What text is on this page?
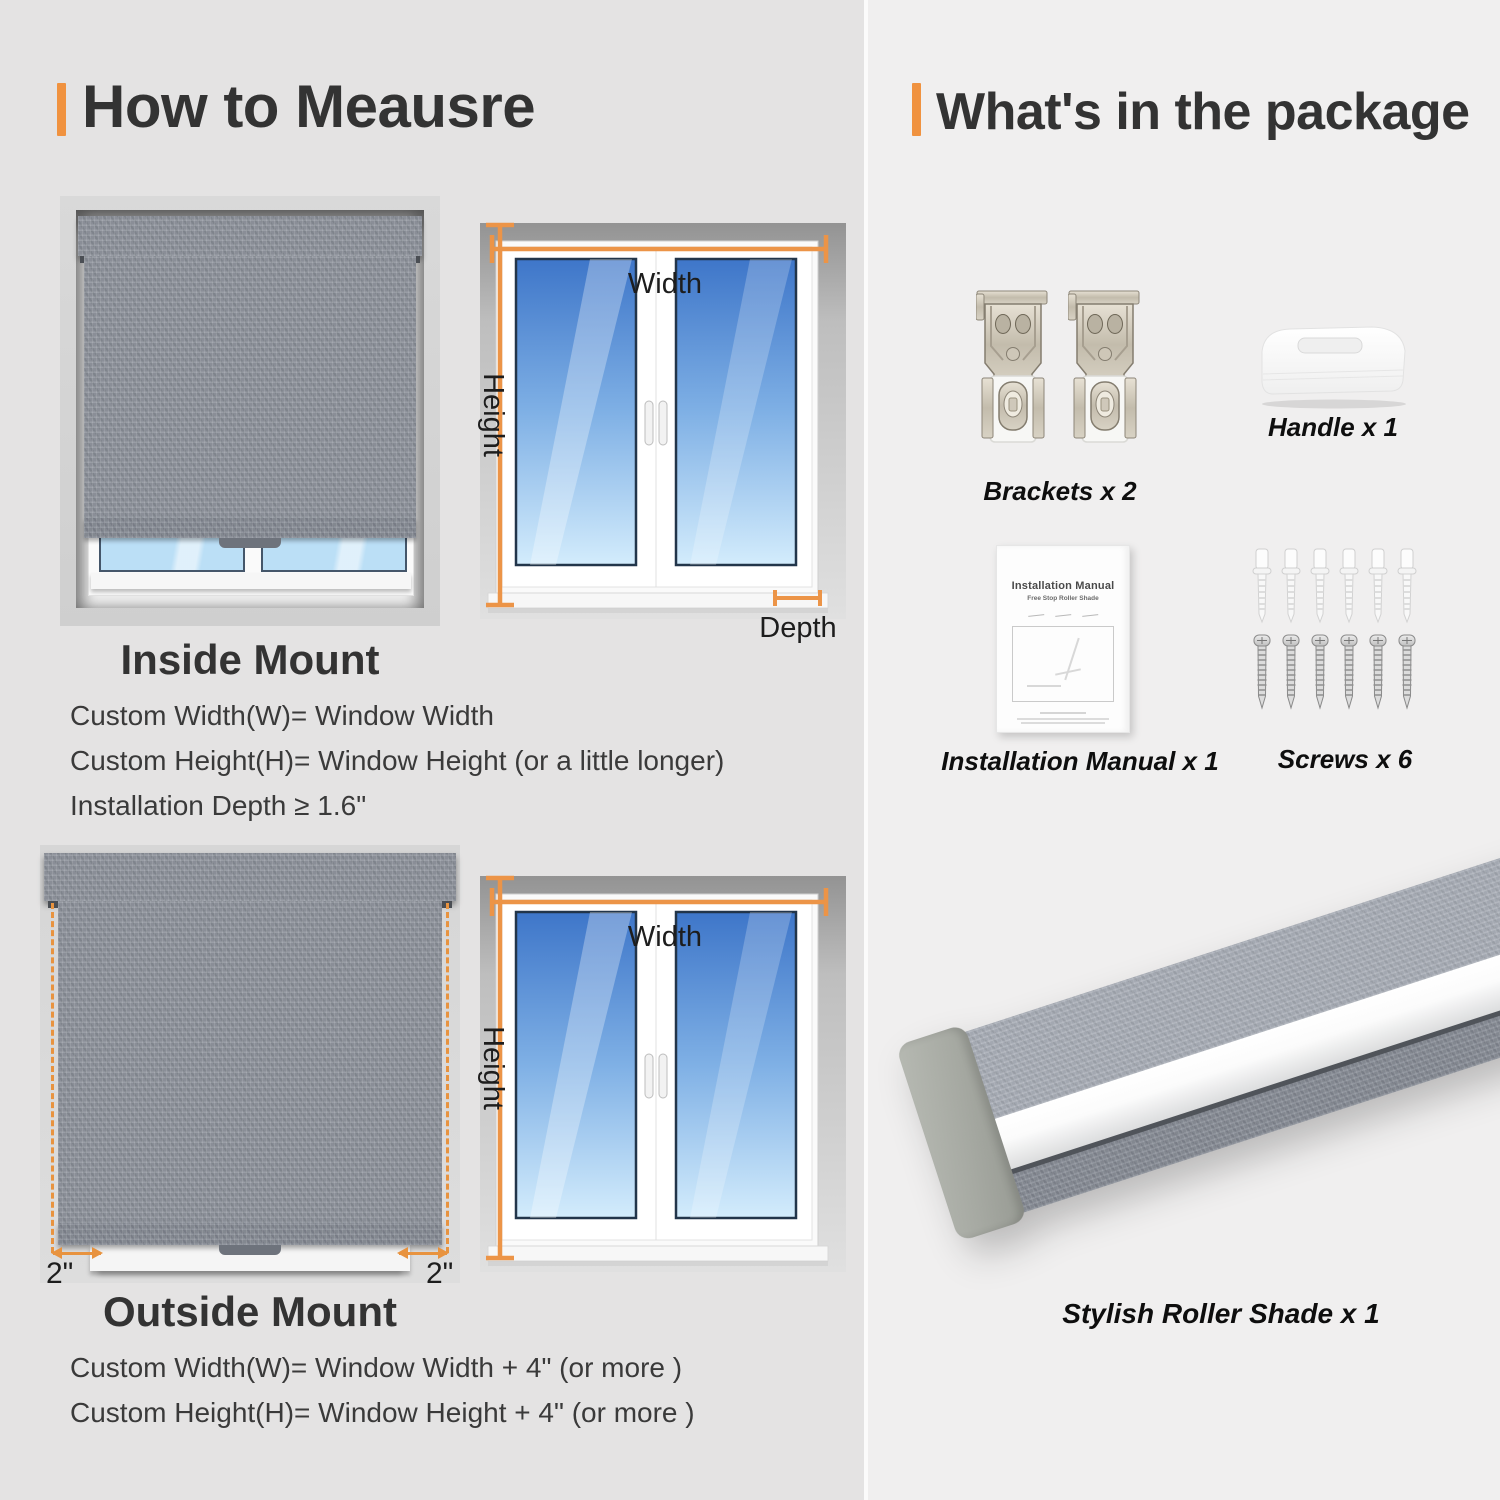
How to Meausre
Width
Height
Depth
Inside Mount

Custom Width(W)= Window Width

Custom Height(H)= Window Height (or a little longer)

Installation Depth ≥ 1.6"

2"	2"
Width
Height
Outside Mount

Custom Width(W)= Window Width + 4" (or more )

Custom Height(H)= Window Height + 4" (or more )

What's in the package
Brackets x 2
Handle x 1
Installation Manual
Free Stop Roller Shade
Installation Manual x 1	Screws x 6
Stylish Roller Shade x 1
